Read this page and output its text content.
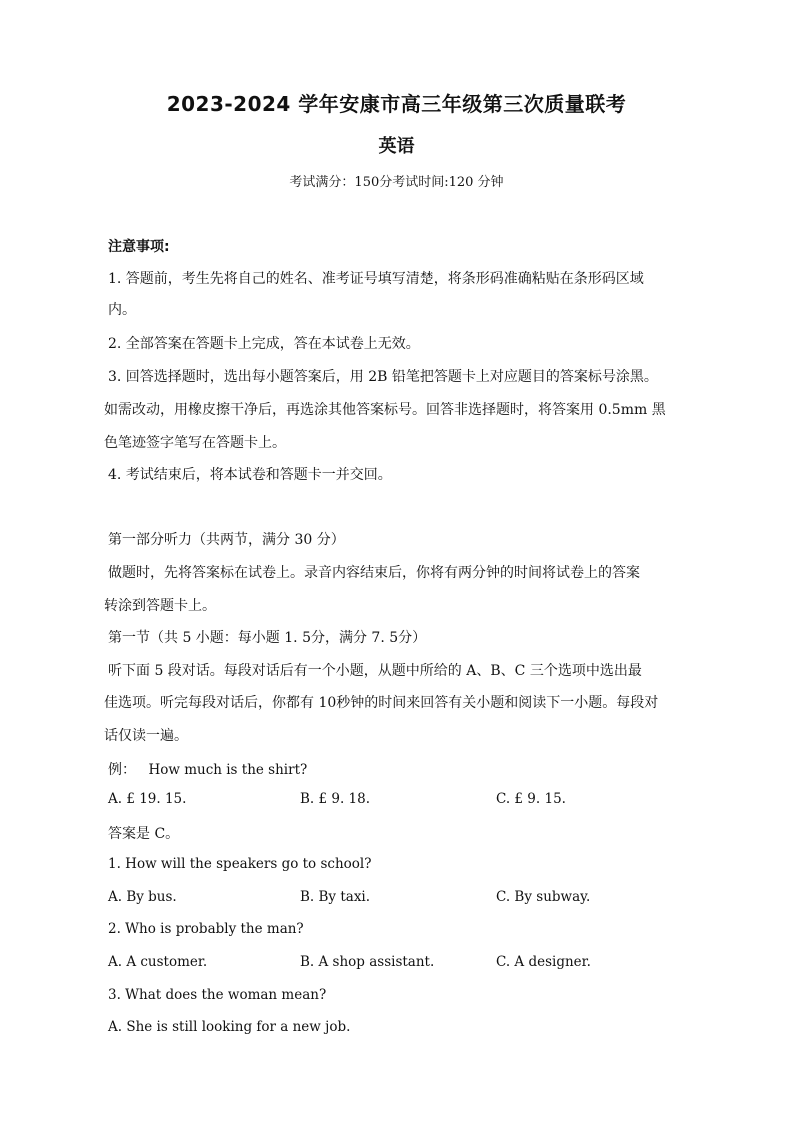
2023-2024 学年安康市高三年级第三次质量联考
英语
考试满分：150分考试时间:120 分钟
注意事项:
1. 答题前，考生先将自己的姓名、准考证号填写清楚，将条形码准确粘贴在条形码区域
内。
2. 全部答案在答题卡上完成，答在本试卷上无效。
3. 回答选择题时，选出每小题答案后，用 2B 铅笔把答题卡上对应题目的答案标号涂黑。
如需改动，用橡皮擦干净后，再选涂其他答案标号。回答非选择题时，将答案用 0.5mm 黑
色笔迹签字笔写在答题卡上。
4. 考试结束后，将本试卷和答题卡一并交回。
第一部分听力（共两节，满分 30 分）
做题时，先将答案标在试卷上。录音内容结束后，你将有两分钟的时间将试卷上的答案
转涂到答题卡上。
第一节（共 5 小题：每小题 1. 5分，满分 7. 5分）
听下面 5 段对话。每段对话后有一个小题，从题中所给的 A、B、C 三个选项中选出最
佳选项。听完每段对话后，你都有 10秒钟的时间来回答有关小题和阅读下一小题。每段对
话仅读一遍。
例： How much is the shirt?
A. £ 19. 15.	B. £ 9. 18.	C. £ 9. 15.
答案是 C。
1. How will the speakers go to school?
A. By bus.	B. By taxi.	C. By subway.
2. Who is probably the man?
A. A customer.	B. A shop assistant.	C. A designer.
3. What does the woman mean?
A. She is still looking for a new job.
